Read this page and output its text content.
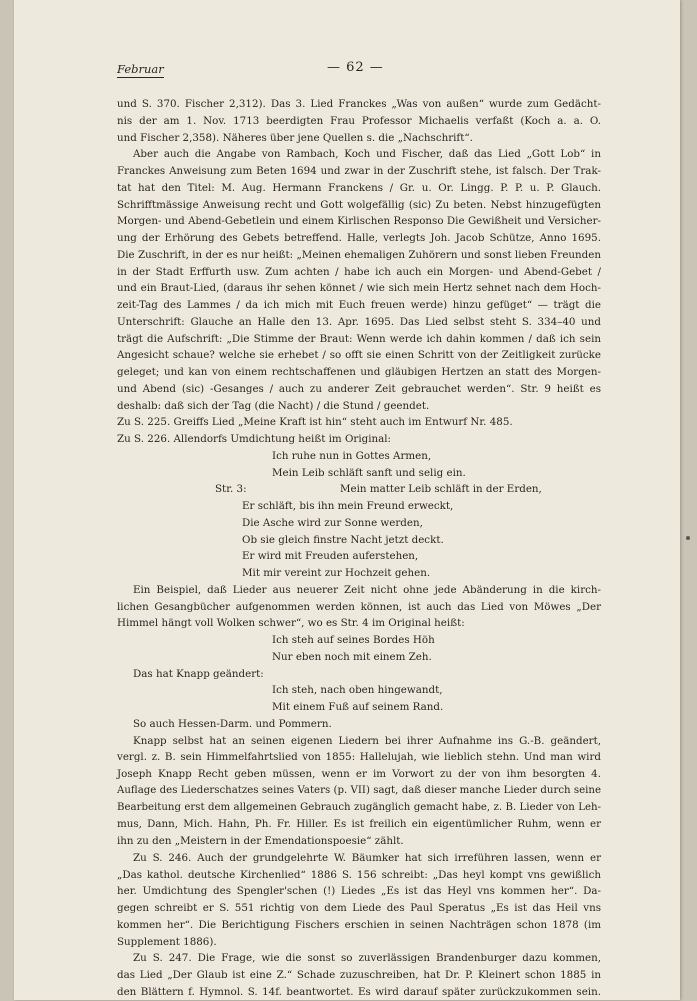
Februar	— 62 —
und S. 370. Fischer 2,312). Das 3. Lied Franckes „Was von außen“ wurde zum Gedächt-
nis der am 1. Nov. 1713 beerdigten Frau Professor Michaelis verfaßt (Koch a. a. O.
und Fischer 2,358). Näheres über jene Quellen s. die „Nachschrift“.
Aber auch die Angabe von Rambach, Koch und Fischer, daß das Lied „Gott Lob“ in
Franckes Anweisung zum Beten 1694 und zwar in der Zuschrift stehe, ist falsch. Der Trak-
tat hat den Titel: M. Aug. Hermann Franckens / Gr. u. Or. Lingg. P. P. u. P. Glauch.
Schrifftmässige Anweisung recht und Gott wolgefällig (sic) Zu beten. Nebst hinzugefügten
Morgen- und Abend-Gebetlein und einem Kirlischen Responso Die Gewißheit und Versicher-
ung der Erhörung des Gebets betreffend. Halle, verlegts Joh. Jacob Schütze, Anno 1695.
Die Zuschrift, in der es nur heißt: „Meinen ehemaligen Zuhörern und sonst lieben Freunden
in der Stadt Erffurth usw. Zum achten / habe ich auch ein Morgen- und Abend-Gebet /
und ein Braut-Lied, (daraus ihr sehen könnet / wie sich mein Hertz sehnet nach dem Hoch-
zeit-Tag des Lammes / da ich mich mit Euch freuen werde) hinzu gefüget“ — trägt die
Unterschrift: Glauche an Halle den 13. Apr. 1695. Das Lied selbst steht S. 334–40 und
trägt die Aufschrift: „Die Stimme der Braut: Wenn werde ich dahin kommen / daß ich sein
Angesicht schaue? welche sie erhebet / so offt sie einen Schritt von der Zeitligkeit zurücke
geleget; und kan von einem rechtschaffenen und gläubigen Hertzen an statt des Morgen-
und Abend (sic) -Gesanges / auch zu anderer Zeit gebrauchet werden“. Str. 9 heißt es
deshalb: daß sich der Tag (die Nacht) / die Stund / geendet.
Zu S. 225. Greiffs Lied „Meine Kraft ist hin“ steht auch im Entwurf Nr. 485.
Zu S. 226. Allendorfs Umdichtung heißt im Original:
Ich ruhe nun in Gottes Armen,
Mein Leib schläft sanft und selig ein.
Str. 3:	Mein matter Leib schläft in der Erden,
Er schläft, bis ihn mein Freund erweckt,
Die Asche wird zur Sonne werden,
Ob sie gleich finstre Nacht jetzt deckt.
Er wird mit Freuden auferstehen,
Mit mir vereint zur Hochzeit gehen.
Ein Beispiel, daß Lieder aus neuerer Zeit nicht ohne jede Abänderung in die kirch-
lichen Gesangbücher aufgenommen werden können, ist auch das Lied von Möwes „Der
Himmel hängt voll Wolken schwer“, wo es Str. 4 im Original heißt:
Ich steh auf seines Bordes Höh
Nur eben noch mit einem Zeh.
Das hat Knapp geändert:
Ich steh, nach oben hingewandt,
Mit einem Fuß auf seinem Rand.
So auch Hessen-Darm. und Pommern.
Knapp selbst hat an seinen eigenen Liedern bei ihrer Aufnahme ins G.-B. geändert,
vergl. z. B. sein Himmelfahrtslied von 1855: Hallelujah, wie lieblich stehn. Und man wird
Joseph Knapp Recht geben müssen, wenn er im Vorwort zu der von ihm besorgten 4.
Auflage des Liederschatzes seines Vaters (p. VII) sagt, daß dieser manche Lieder durch seine
Bearbeitung erst dem allgemeinen Gebrauch zugänglich gemacht habe, z. B. Lieder von Leh-
mus, Dann, Mich. Hahn, Ph. Fr. Hiller. Es ist freilich ein eigentümlicher Ruhm, wenn er
ihn zu den „Meistern in der Emendationspoesie“ zählt.
Zu S. 246. Auch der grundgelehrte W. Bäumker hat sich irreführen lassen, wenn er
„Das kathol. deutsche Kirchenlied“ 1886 S. 156 schreibt: „Das heyl kompt vns gewißlich
her. Umdichtung des Spengler'schen (!) Liedes „Es ist das Heyl vns kommen her“. Da-
gegen schreibt er S. 551 richtig von dem Liede des Paul Speratus „Es ist das Heil vns
kommen her“. Die Berichtigung Fischers erschien in seinen Nachträgen schon 1878 (im
Supplement 1886).
Zu S. 247. Die Frage, wie die sonst so zuverlässigen Brandenburger dazu kommen,
das Lied „Der Glaub ist eine Z.“ Schade zuzuschreiben, hat Dr. P. Kleinert schon 1885 in
den Blättern f. Hymnol. S. 14f. beantwortet. Es wird darauf später zurückzukommen sein.
